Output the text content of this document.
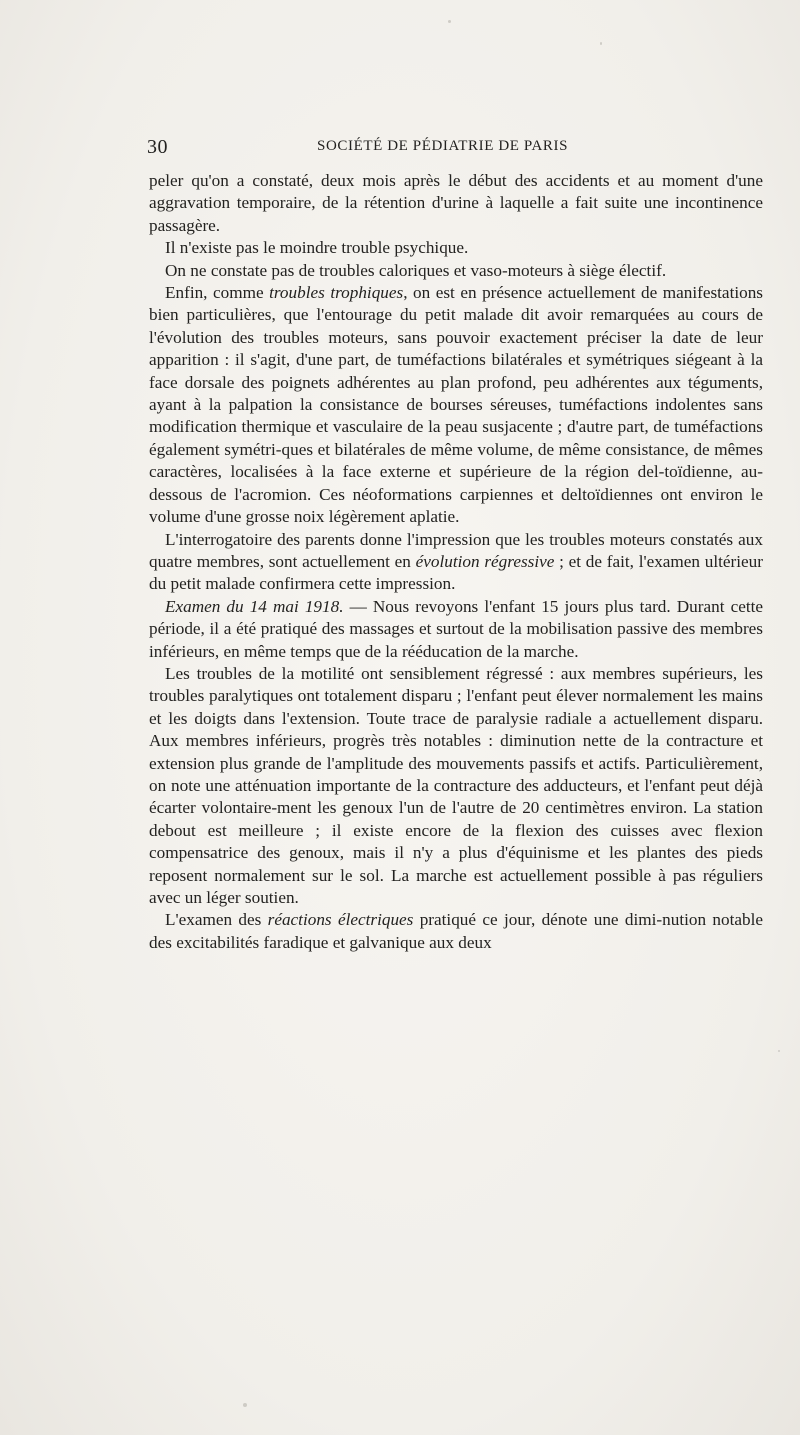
30	SOCIÉTÉ DE PÉDIATRIE DE PARIS

peler qu'on a constaté, deux mois après le début des accidents et au moment d'une aggravation temporaire, de la rétention d'urine à laquelle a fait suite une incontinence passagère.

Il n'existe pas le moindre trouble psychique.

On ne constate pas de troubles caloriques et vaso-moteurs à siège électif.

Enfin, comme troubles trophiques, on est en présence actuellement de manifestations bien particulières, que l'entourage du petit malade dit avoir remarquées au cours de l'évolution des troubles moteurs, sans pouvoir exactement préciser la date de leur apparition : il s'agit, d'une part, de tuméfactions bilatérales et symétriques siégeant à la face dorsale des poignets adhérentes au plan profond, peu adhérentes aux téguments, ayant à la palpation la consistance de bourses séreuses, tuméfactions indolentes sans modification thermique et vasculaire de la peau susjacente ; d'autre part, de tuméfactions également symétri-ques et bilatérales de même volume, de même consistance, de mêmes caractères, localisées à la face externe et supérieure de la région del-toïdienne, au-dessous de l'acromion. Ces néoformations carpiennes et deltoïdiennes ont environ le volume d'une grosse noix légèrement aplatie.

L'interrogatoire des parents donne l'impression que les troubles moteurs constatés aux quatre membres, sont actuellement en évolution régressive ; et de fait, l'examen ultérieur du petit malade confirmera cette impression.

Examen du 14 mai 1918. — Nous revoyons l'enfant 15 jours plus tard. Durant cette période, il a été pratiqué des massages et surtout de la mobilisation passive des membres inférieurs, en même temps que de la rééducation de la marche.

Les troubles de la motilité ont sensiblement régressé : aux membres supérieurs, les troubles paralytiques ont totalement disparu ; l'enfant peut élever normalement les mains et les doigts dans l'extension. Toute trace de paralysie radiale a actuellement disparu. Aux membres inférieurs, progrès très notables : diminution nette de la contracture et extension plus grande de l'amplitude des mouvements passifs et actifs. Particulièrement, on note une atténuation importante de la contracture des adducteurs, et l'enfant peut déjà écarter volontaire-ment les genoux l'un de l'autre de 20 centimètres environ. La station debout est meilleure ; il existe encore de la flexion des cuisses avec flexion compensatrice des genoux, mais il n'y a plus d'équinisme et les plantes des pieds reposent normalement sur le sol. La marche est actuellement possible à pas réguliers avec un léger soutien.

L'examen des réactions électriques pratiqué ce jour, dénote une dimi-nution notable des excitabilités faradique et galvanique aux deux
